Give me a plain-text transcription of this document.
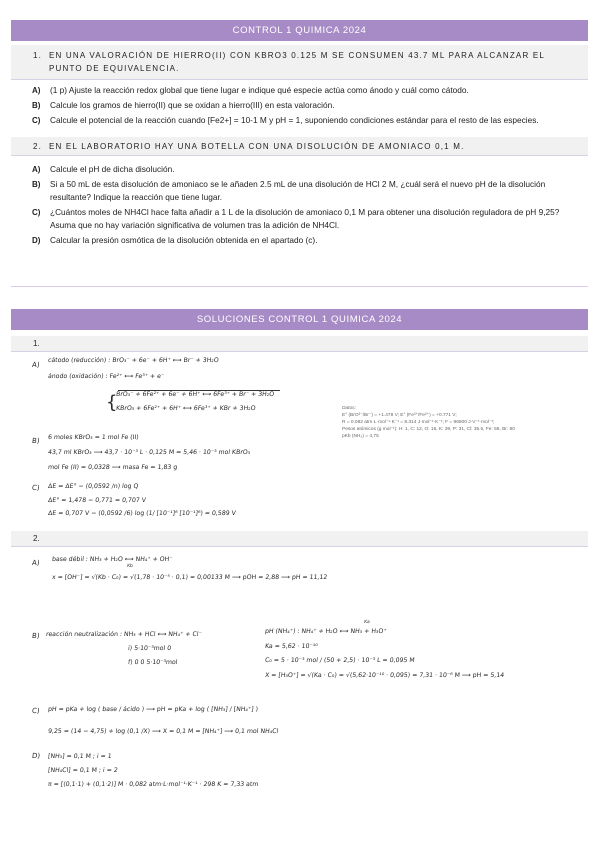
CONTROL 1 QUIMICA 2024
1. EN UNA VALORACIÓN DE HIERRO(II) CON KBRO3 0.125 M SE CONSUMEN 43.7 ML PARA ALCANZAR EL PUNTO DE EQUIVALENCIA.
A) (1 p) Ajuste la reacción redox global que tiene lugar e indique qué especie actúa como ánodo y cuál como cátodo.
B) Calcule los gramos de hierro(II) que se oxidan a hierro(III) en esta valoración.
C) Calcule el potencial de la reacción cuando [Fe2+] = 10-1 M y pH = 1, suponiendo condiciones estándar para el resto de las especies.
2. EN EL LABORATORIO HAY UNA BOTELLA CON UNA DISOLUCIÓN DE AMONIACO 0,1 M.
A) Calcule el pH de dicha disolución.
B) Si a 50 mL de esta disolución de amoniaco se le añaden 2.5 mL de una disolución de HCl 2 M, ¿cuál será el nuevo pH de la disolución resultante? Indique la reacción que tiene lugar.
C) ¿Cuántos moles de NH4Cl hace falta añadir a 1 L de la disolución de amoniaco 0,1 M para obtener una disolución reguladora de pH 9,25? Asuma que no hay variación significativa de volumen tras la adición de NH4Cl.
D) Calcular la presión osmótica de la disolución obtenida en el apartado (c).
SOLUCIONES CONTROL 1 QUIMICA 2024
1.
A)
cátodo (reducción) : BrO₃⁻ + 6e⁻ + 6H⁺ ⟷ Br⁻ + 3H₂O
ánodo (oxidación) : Fe²⁺ ⟷ Fe³⁺ + e⁻
BrO₃⁻ + 6Fe²⁺ + 6e⁻ + 6H⁺ ⟷ 6Fe³⁺ + Br⁻ + 3H₂O
KBrO₃ + 6Fe²⁺ + 6H⁺ ⟷ 6Fe³⁺ + KBr + 3H₂O
{	Datos:
E° (BrO³⁻/Br⁻) = +1.478 V; E° (Fe³⁺/Fe²⁺) = +0.771 V;
R = 0.082 atm·L·mol⁻¹·K⁻¹ = 8.314 J·mol⁻¹·K⁻¹; F = 96500 J·V⁻¹·mol⁻¹;
Pesos atómicos (g mol⁻¹): H: 1, C: 12, O: 16, K: 39, P: 31, Cl: 35.5, Fe: 56, Br: 80
pKb (NH₃) = 4,75
B) 6 moles KBrO₃ = 1 mol Fe (II)
43,7 ml KBrO₃ ⟶ 43,7 · 10⁻³ L · 0,125 M = 5,46 · 10⁻³ mol KBrO₃
mol Fe (II) = 0,0328 ⟶ masa Fe = 1,83 g
C) ΔE = ΔE° − (0,0592 /n) log Q
ΔE° = 1,478 − 0,771 = 0,707 V
ΔE = 0,707 V − (0,0592 /6) log (1/ [10⁻¹]⁶ [10⁻¹]⁶) = 0,589 V
2.
A) base débil : NH₃ + H₂O ⟷ NH₄⁺ + OH⁻
Kb
x = [OH⁻] = √(Kb · C₀) = √(1,78 · 10⁻⁵ · 0,1) = 0,00133 M ⟶ pOH = 2,88 ⟶ pH = 11,12
B) reacción neutralización : NH₃ + HCl ⟷ NH₄⁺ + Cl⁻
i) 5·10⁻³mol 0
f) 0 0 5·10⁻³mol
pH (NH₄⁺) : NH₄⁺ + H₂O ⟷ NH₃ + H₃O⁺
Ka
Ka = 5,62 · 10⁻¹⁰
C₀ = 5 · 10⁻³ mol / (50 + 2,5) · 10⁻³ L = 0,095 M
X = [H₃O⁺] = √(Ka · C₀) = √(5,62·10⁻¹⁰ · 0,095) = 7,31 · 10⁻⁶ M ⟶ pH = 5,14
C) pH = pKa + log ( base / ácido ) ⟶ pH = pKa + log ( [NH₃] / [NH₄⁺] )
9,25 = (14 − 4,75) + log (0,1 /X) ⟶ X = 0,1 M = [NH₄⁺] ⟶ 0,1 mol NH₄Cl
D) [NH₃] = 0,1 M ; i = 1
[NH₄Cl] = 0,1 M ; i = 2
π = [(0,1·1) + (0,1·2)] M · 0,082 atm·L·mol⁻¹·K⁻¹ · 298 K = 7,33 atm
